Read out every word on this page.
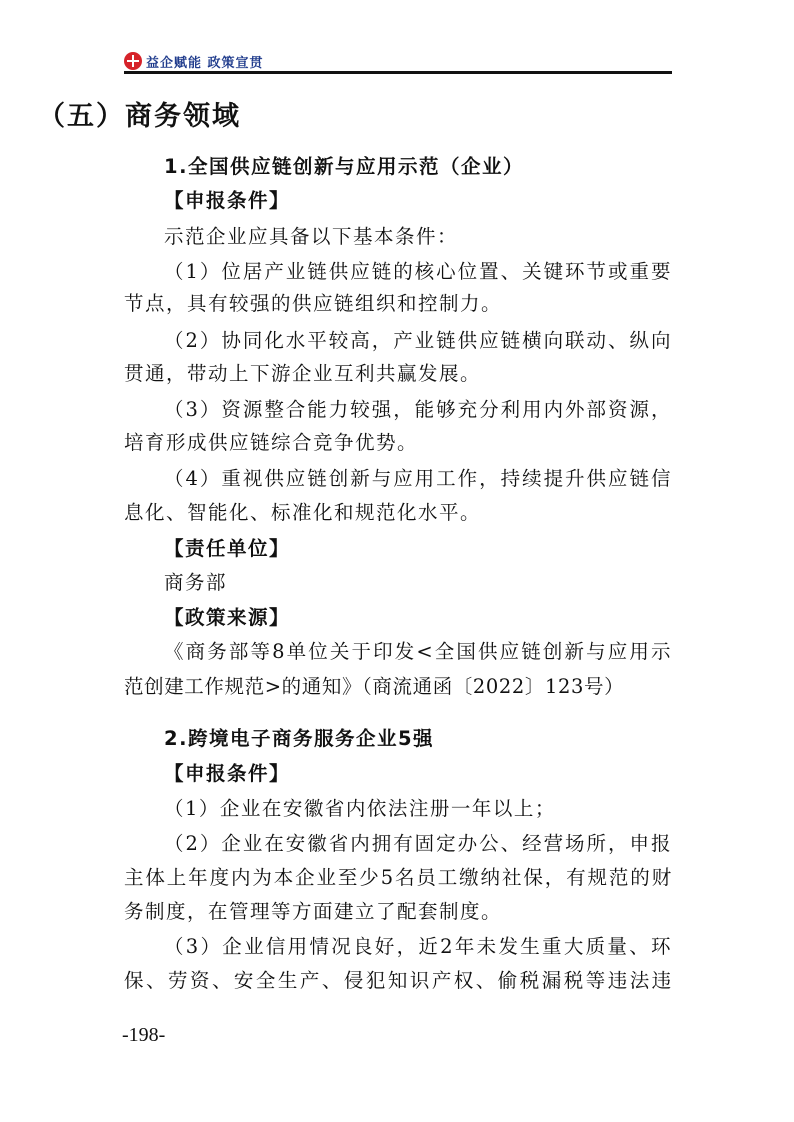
益企赋能 政策宣贯
（五）商务领域
1.全国供应链创新与应用示范（企业）
【申报条件】
示范企业应具备以下基本条件：
（1）位居产业链供应链的核心位置、关键环节或重要
节点，具有较强的供应链组织和控制力。
（2）协同化水平较高，产业链供应链横向联动、纵向
贯通，带动上下游企业互利共赢发展。
（3）资源整合能力较强，能够充分利用内外部资源，
培育形成供应链综合竞争优势。
（4）重视供应链创新与应用工作，持续提升供应链信
息化、智能化、标准化和规范化水平。
【责任单位】
商务部
【政策来源】
《商务部等8单位关于印发<全国供应链创新与应用示
范创建工作规范>的通知》（商流通函〔2022〕123号）
2.跨境电子商务服务企业5强
【申报条件】
（1）企业在安徽省内依法注册一年以上；
（2）企业在安徽省内拥有固定办公、经营场所，申报
主体上年度内为本企业至少5名员工缴纳社保，有规范的财
务制度，在管理等方面建立了配套制度。
（3）企业信用情况良好，近2年未发生重大质量、环
保、劳资、安全生产、侵犯知识产权、偷税漏税等违法违
-198-
